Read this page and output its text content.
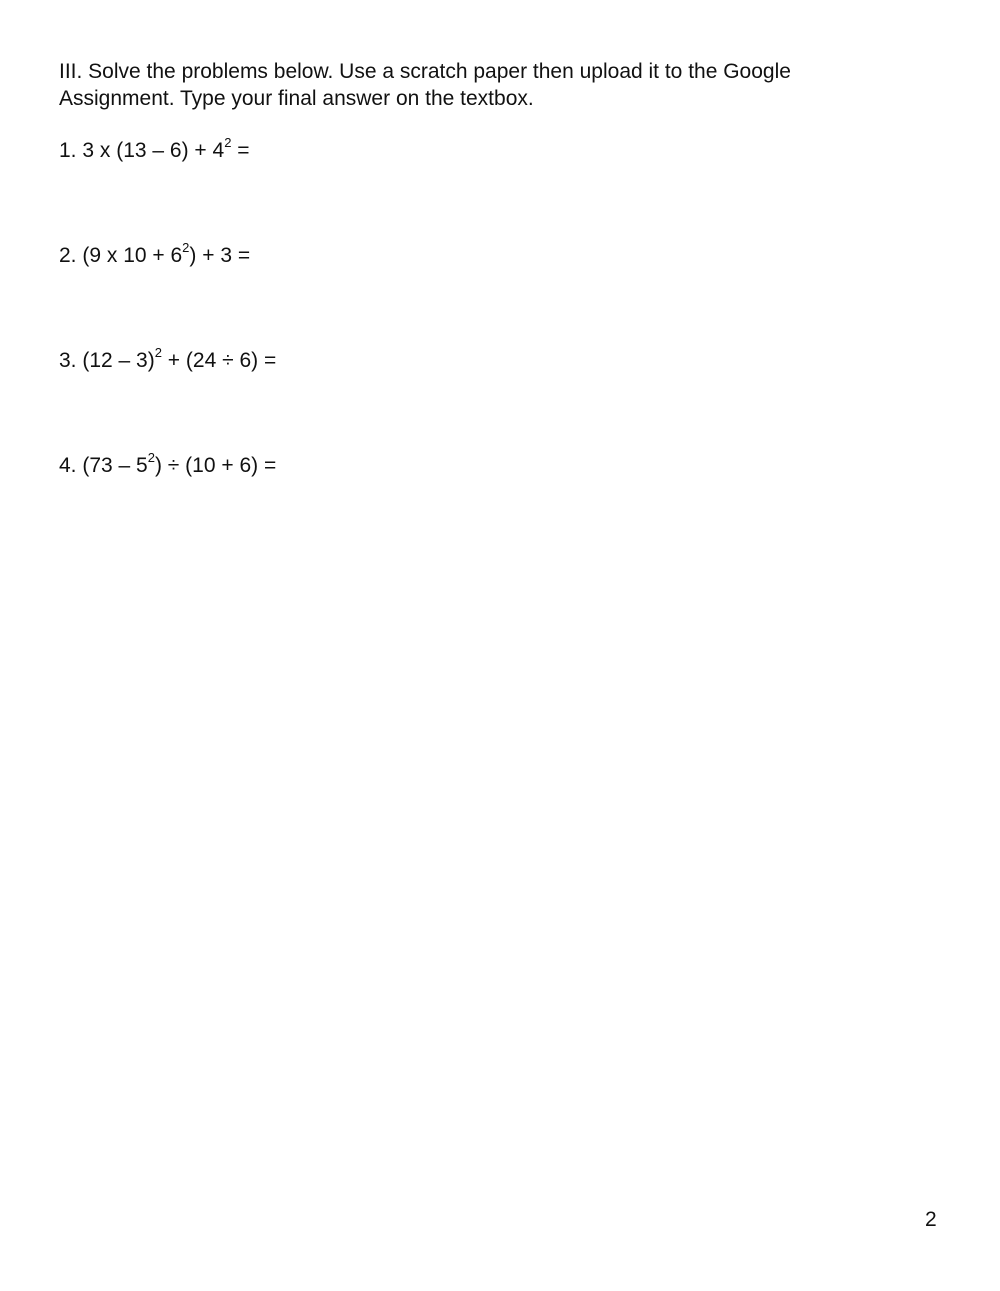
III. Solve the problems below. Use a scratch paper then upload it to the Google
Assignment. Type your final answer on the textbox.
1. 3 x $(13 - 6) + 4^2$ =
2. (9 x $10 + 6^2) + 3$ =
3. (12 – 3)$^2$ + (24 ÷ 6) =
4. $(73 - 5^2) \div (10 + 6)$ =
2
